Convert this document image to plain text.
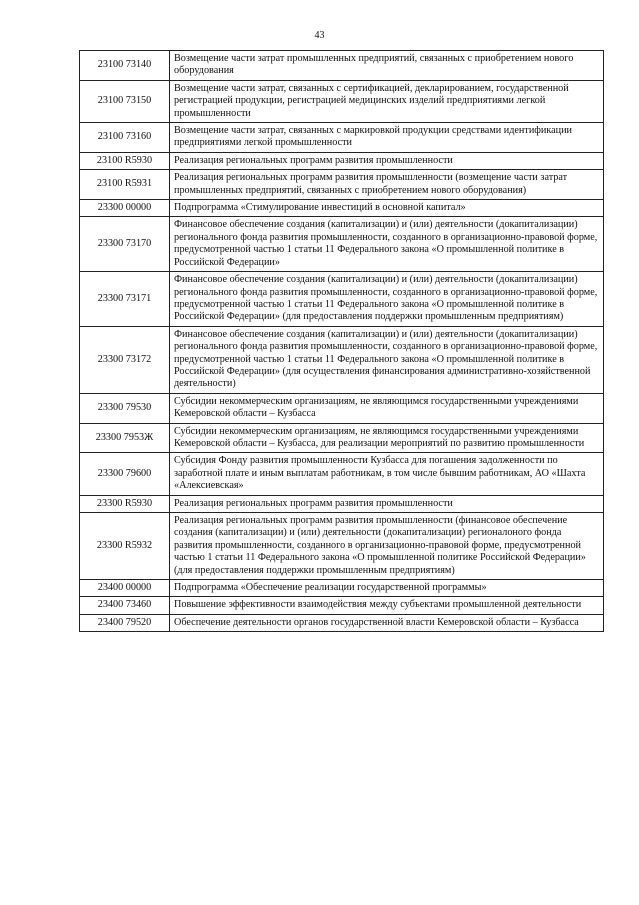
43
23100 73140	Возмещение части затрат промышленных предприятий, связанных с приобретением нового оборудования
23100 73150	Возмещение части затрат, связанных с сертификацией, декларированием, государственной регистрацией продукции, регистрацией медицинских изделий предприятиями легкой промышленности
23100 73160	Возмещение части затрат, связанных с маркировкой продукции средствами идентификации предприятиями легкой промышленности
23100 R5930	Реализация региональных программ развития промышленности
23100 R5931	Реализация региональных программ развития промышленности (возмещение части затрат промышленных предприятий, связанных с приобретением нового оборудования)
23300 00000	Подпрограмма «Стимулирование инвестиций в основной капитал»
23300 73170	Финансовое обеспечение создания (капитализации) и (или) деятельности (докапитализации) регионального фонда развития промышленности, созданного в организационно-правовой форме, предусмотренной частью 1 статьи 11 Федерального закона «О промышленной политике в Российской Федерации»
23300 73171	Финансовое обеспечение создания (капитализации) и (или) деятельности (докапитализации) регионального фонда развития промышленности, созданного в организационно-правовой форме, предусмотренной частью 1 статьи 11 Федерального закона «О промышленной политике в Российской Федерации» (для предоставления поддержки промышленным предприятиям)
23300 73172	Финансовое обеспечение создания (капитализации) и (или) деятельности (докапитализации) регионального фонда развития промышленности, созданного в организационно-правовой форме, предусмотренной частью 1 статьи 11 Федерального закона «О промышленной политике в Российской Федерации» (для осуществления финансирования административно-хозяйственной деятельности)
23300 79530	Субсидии некоммерческим организациям, не являющимся государственными учреждениями Кемеровской области – Кузбасса
23300 7953Ж	Субсидии некоммерческим организациям, не являющимся государственными учреждениями Кемеровской области – Кузбасса, для реализации мероприятий по развитию промышленности
23300 79600	Субсидия Фонду развития промышленности Кузбасса для погашения задолженности по заработной плате и иным выплатам работникам, в том числе бывшим работникам, АО «Шахта «Алексиевская»
23300 R5930	Реализация региональных программ развития промышленности
23300 R5932	Реализация региональных программ развития промышленности (финансовое обеспечение создания (капитализации) и (или) деятельности (докапитализации) регионалоного фонда развития промышленности, созданного в организационно-правовой форме, предусмотренной частью 1 статьи 11 Федерального закона «О промышленной политике Российской Федерации» (для предоставления поддержки промышленным предприятиям)
23400 00000	Подпрограмма «Обеспечение реализации государственной программы»
23400 73460	Повышение эффективности взаимодействия между субъектами промышленной деятельности
23400 79520	Обеспечение деятельности органов государственной власти Кемеровской области – Кузбасса
